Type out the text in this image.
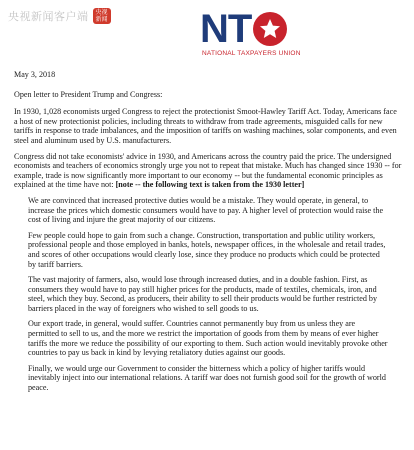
央视新闻客户端	央视
新闻 N T
NATIONAL TAXPAYERS UNION

May 3, 2018

Open letter to President Trump and Congress:

In 1930, 1,028 economists urged Congress to reject the protectionist Smoot-Hawley Tariff Act. Today, Americans face a host of new protectionist policies, including threats to withdraw from trade agreements, misguided calls for new tariffs in response to trade imbalances, and the imposition of tariffs on washing machines, solar components, and even steel and aluminum used by U.S. manufacturers.

Congress did not take economists' advice in 1930, and Americans across the country paid the price. The undersigned economists and teachers of economics strongly urge you not to repeat that mistake. Much has changed since 1930 -- for example, trade is now significantly more important to our economy -- but the fundamental economic principles as explained at the time have not: [note -- the following text is taken from the 1930 letter]

We are convinced that increased protective duties would be a mistake. They would operate, in general, to increase the prices which domestic consumers would have to pay. A higher level of protection would raise the cost of living and injure the great majority of our citizens.

Few people could hope to gain from such a change. Construction, transportation and public utility workers, professional people and those employed in banks, hotels, newspaper offices, in the wholesale and retail trades, and scores of other occupations would clearly lose, since they produce no products which could be protected by tariff barriers.

The vast majority of farmers, also, would lose through increased duties, and in a double fashion. First, as consumers they would have to pay still higher prices for the products, made of textiles, chemicals, iron, and steel, which they buy. Second, as producers, their ability to sell their products would be further restricted by barriers placed in the way of foreigners who wished to sell goods to us.

Our export trade, in general, would suffer. Countries cannot permanently buy from us unless they are permitted to sell to us, and the more we restrict the importation of goods from them by means of ever higher tariffs the more we reduce the possibility of our exporting to them. Such action would inevitably provoke other countries to pay us back in kind by levying retaliatory duties against our goods.

Finally, we would urge our Government to consider the bitterness which a policy of higher tariffs would inevitably inject into our international relations. A tariff war does not furnish good soil for the growth of world peace.
